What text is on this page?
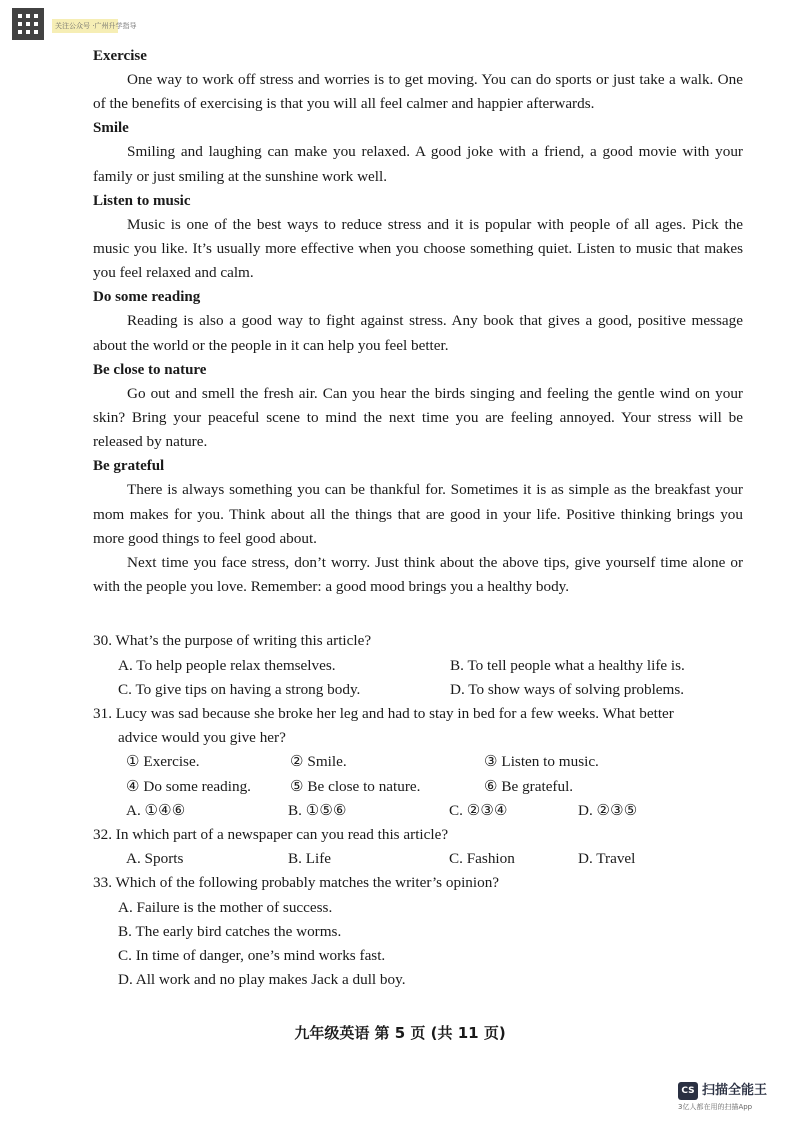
关注公众号 ·广州升学指导

Exercise

One way to work off stress and worries is to get moving. You can do sports or just take a walk. One of the benefits of exercising is that you will all feel calmer and happier afterwards.

Smile

Smiling and laughing can make you relaxed. A good joke with a friend, a good movie with your family or just smiling at the sunshine work well.

Listen to music

Music is one of the best ways to reduce stress and it is popular with people of all ages. Pick the music you like. It’s usually more effective when you choose something quiet. Listen to music that makes you feel relaxed and calm.

Do some reading

Reading is also a good way to fight against stress. Any book that gives a good, positive message about the world or the people in it can help you feel better.

Be close to nature

Go out and smell the fresh air. Can you hear the birds singing and feeling the gentle wind on your skin? Bring your peaceful scene to mind the next time you are feeling annoyed. Your stress will be released by nature.

Be grateful

There is always something you can be thankful for. Sometimes it is as simple as the breakfast your mom makes for you. Think about all the things that are good in your life. Positive thinking brings you more good things to feel good about.

Next time you face stress, don’t worry. Just think about the above tips, give yourself time alone or with the people you love. Remember: a good mood brings you a healthy body.

30. What’s the purpose of writing this article?

A. To help people relax themselves.	B. To tell people what a healthy life is.
C. To give tips on having a strong body.	D. To show ways of solving problems.

31. Lucy was sad because she broke her leg and had to stay in bed for a few weeks. What better

advice would you give her?

① Exercise.	② Smile.	③ Listen to music.
④ Do some reading.	⑤ Be close to nature.	⑥ Be grateful.
A. ①④⑥	B. ①⑤⑥	C. ②③④	D. ②③⑤

32. In which part of a newspaper can you read this article?

A. Sports	B. Life	C. Fashion	D. Travel

33. Which of the following probably matches the writer’s opinion?

A. Failure is the mother of success.

B. The early bird catches the worms.

C. In time of danger, one’s mind works fast.

D. All work and no play makes Jack a dull boy.

九年级英语 第 5 页 (共 11 页)
CS 扫描全能王
3亿人都在用的扫描App
